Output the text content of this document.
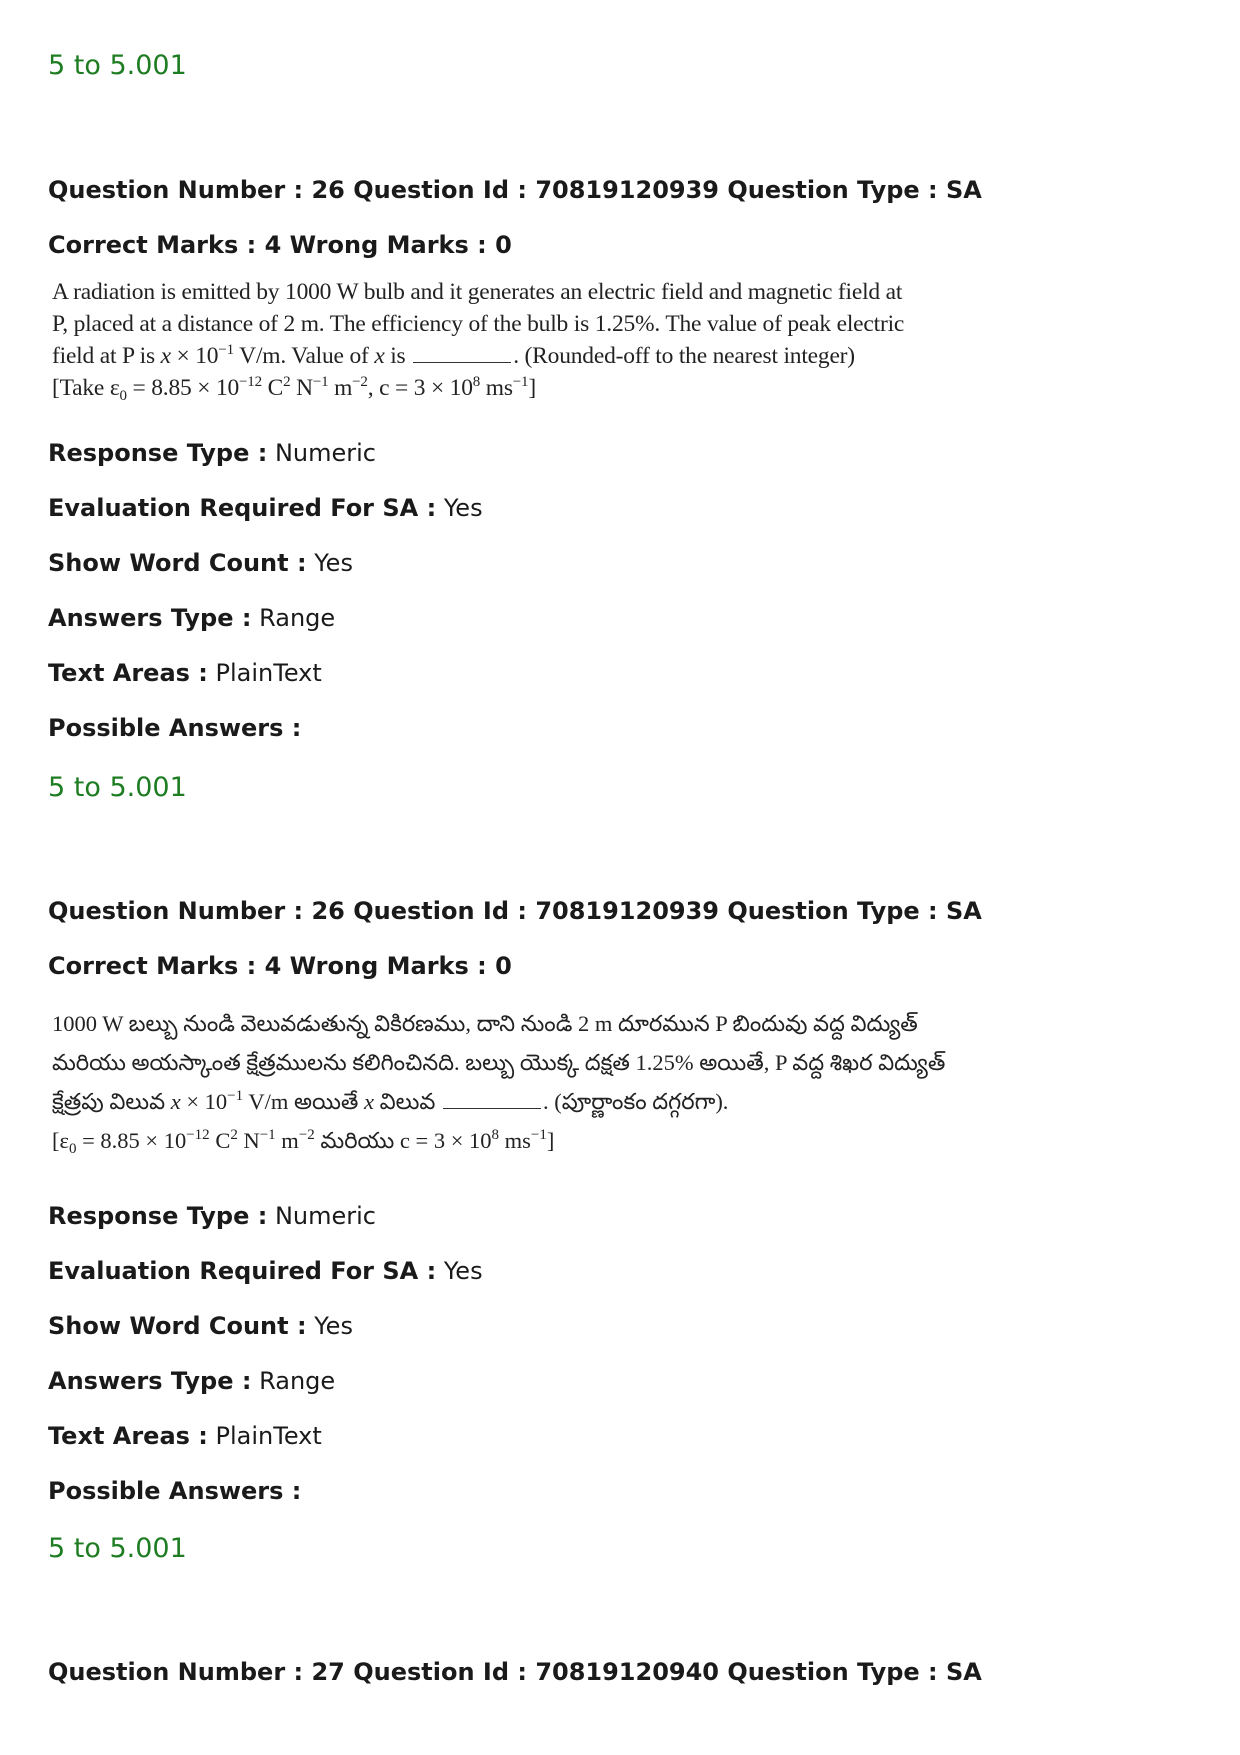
5 to 5.001

Question Number : 26 Question Id : 70819120939 Question Type : SA

Correct Marks : 4 Wrong Marks : 0

A radiation is emitted by 1000 W bulb and it generates an electric field and magnetic field at

P, placed at a distance of 2 m. The efficiency of the bulb is 1.25%. The value of peak electric

field at P is $x \times 10^{-1}$ V/m. Value of x is	. (Rounded-off to the nearest integer)

[Take $\varepsilon_0 = 8.85 \times 10^{-12}$ $C^2$ $N^{-1}$ $m^{-2}$, $c = 3 \times 10^8$ $ms^{-1}$]

Response Type : Numeric

Evaluation Required For SA : Yes

Show Word Count : Yes

Answers Type : Range

Text Areas : PlainText

Possible Answers :

5 to 5.001

Question Number : 26 Question Id : 70819120939 Question Type : SA

Correct Marks : 4 Wrong Marks : 0

1000 W బల్బు నుండి వెలువడుతున్న వికిరణము, దాని నుండి 2 m దూరమున P బిందువు వద్ద విద్యుత్

మరియు అయస్కాంత క్షేత్రములను కలిగించినది. బల్బు యొక్క దక్షత 1.25% అయితే, P వద్ద శిఖర విద్యుత్

క్షేత్రపు విలువ $x \times 10^{-1}$ V/m అయితే x విలువ	. (పూర్ణాంకం దగ్గరగా).

[$\varepsilon_0 = 8.85 \times 10^{-12}$ $C^2$ $N^{-1}$ $m^{-2}$ మరియు $c = 3 \times 10^8$ $ms^{-1}$]

Response Type : Numeric

Evaluation Required For SA : Yes

Show Word Count : Yes

Answers Type : Range

Text Areas : PlainText

Possible Answers :

5 to 5.001

Question Number : 27 Question Id : 70819120940 Question Type : SA
